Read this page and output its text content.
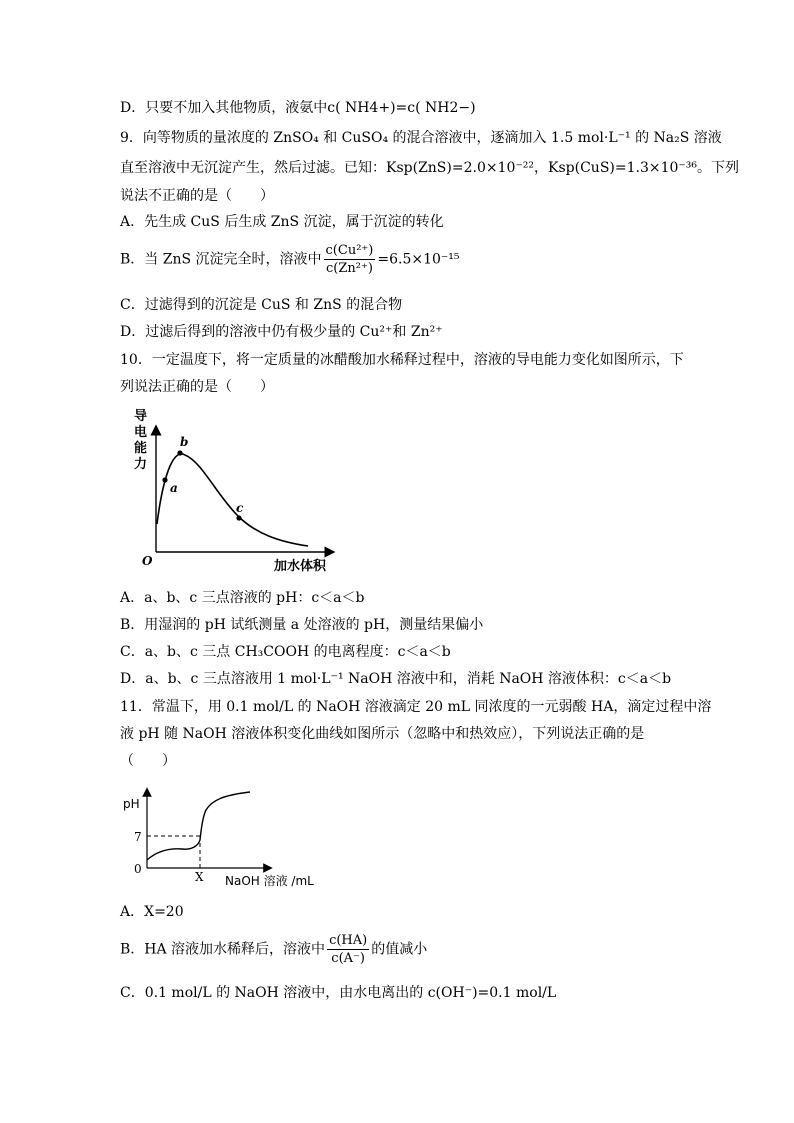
D．只要不加入其他物质，液氨中c( NH4+)=c( NH2−)
9．向等物质的量浓度的 ZnSO₄ 和 CuSO₄ 的混合溶液中，逐滴加入 1.5 mol·L⁻¹ 的 Na₂S 溶液
直至溶液中无沉淀产生，然后过滤。已知：Ksp(ZnS)=2.0×10⁻²²，Ksp(CuS)=1.3×10⁻³⁶。下列
说法不正确的是（　　）
A．先生成 CuS 后生成 ZnS 沉淀，属于沉淀的转化
B．当 ZnS 沉淀完全时，溶液中 $\frac{\text{c(Cu²⁺)}}{\text{c(Zn²⁺)}} =6.5\times 10^{-15}$
C．过滤得到的沉淀是 CuS 和 ZnS 的混合物
D．过滤后得到的溶液中仍有极少量的 Cu²⁺和 Zn²⁺
10．一定温度下，将一定质量的冰醋酸加水稀释过程中，溶液的导电能力变化如图所示，下
列说法正确的是（　　）
导
电
能
力
O	加水体积
a
b
c
A．a、b、c 三点溶液的 pH：c＜a＜b
B．用湿润的 pH 试纸测量 a 处溶液的 pH，测量结果偏小
C．a、b、c 三点 CH₃COOH 的电离程度：c＜a＜b
D．a、b、c 三点溶液用 1 mol·L⁻¹ NaOH 溶液中和，消耗 NaOH 溶液体积：c＜a＜b
11．常温下，用 0.1 mol/L 的 NaOH 溶液滴定 20 mL 同浓度的一元弱酸 HA，滴定过程中溶
液 pH 随 NaOH 溶液体积变化曲线如图所示（忽略中和热效应），下列说法正确的是
（　　）
pH
7
0
X NaOH 溶液 /mL
A．X=20
B．HA 溶液加水稀释后，溶液中 $\frac{c(HA)}{c(A^-)}$ 的值减小
C．0.1 mol/L 的 NaOH 溶液中，由水电离出的 c(OH⁻)=0.1 mol/L
